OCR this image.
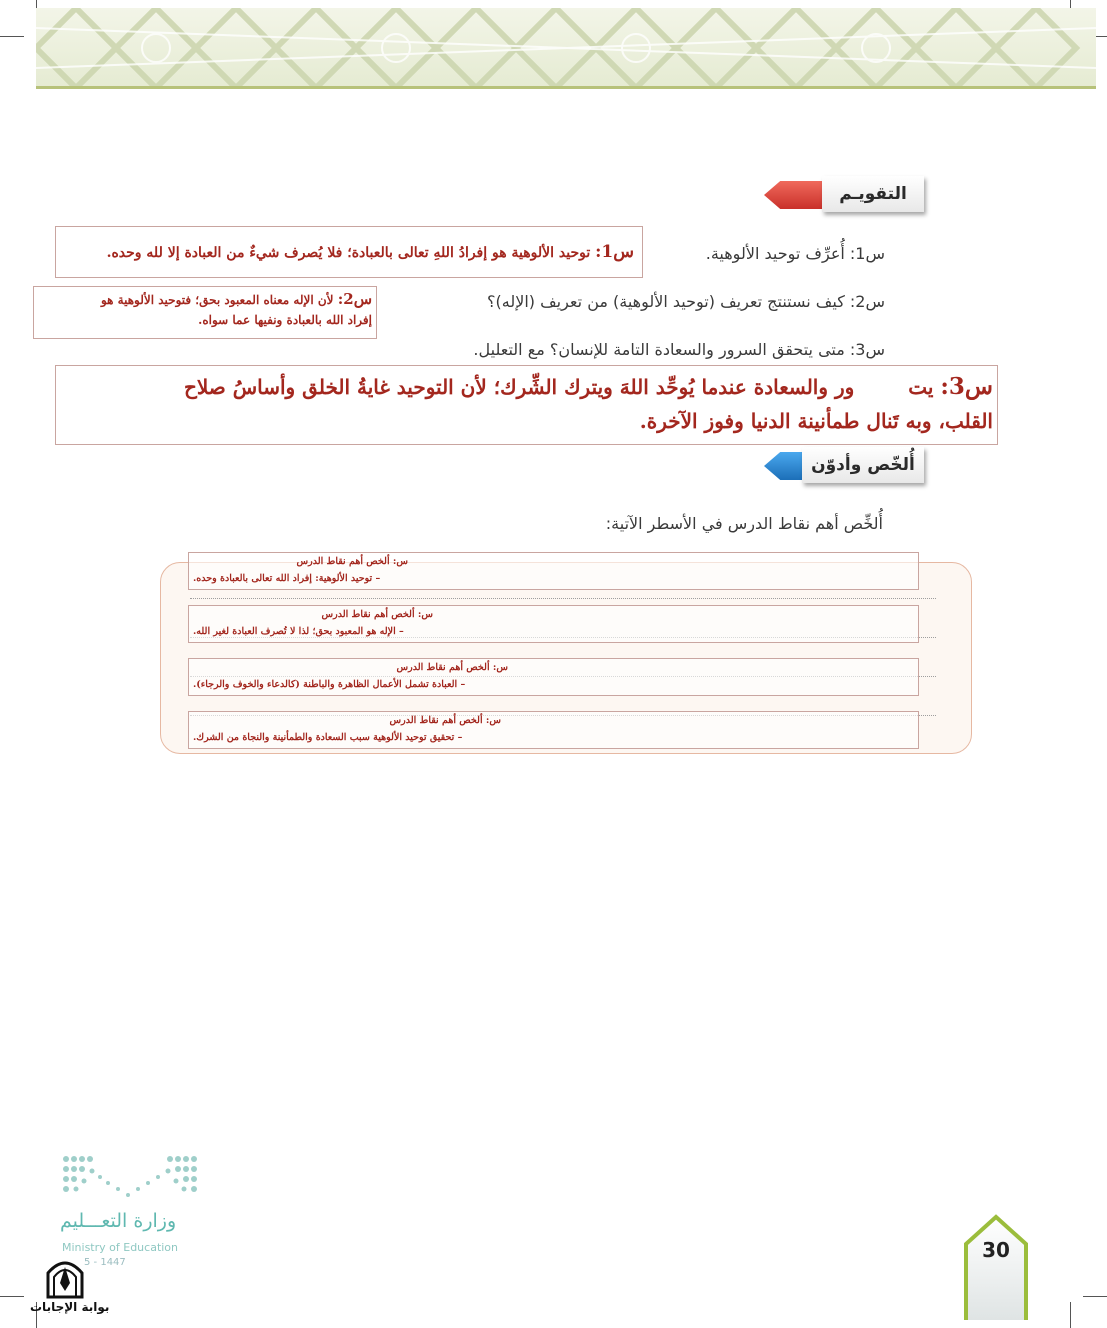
التقويـم
س1: أُعرِّف توحيد الألوهية.
س1: توحيد الألوهية هو إفرادُ اللهِ تعالى بالعبادة؛ فلا يُصرف شيءٌ من العبادة إلا لله وحده.
س2: كيف نستنتج تعريف (توحيد الألوهية) من تعريف (الإله)؟
س2: لأن الإله معناه المعبود بحق؛ فتوحيد الألوهية هو
إفراد الله بالعبادة ونفيها عما سواه.
س3: متى يتحقق السرور والسعادة التامة للإنسان؟ مع التعليل.
س3: يت  ور والسعادة عندما يُوحِّد اللهَ ويترك الشِّرك؛ لأن التوحيد غايةُ الخلق وأساسُ صلاح
القلب، وبه تَنال طمأنينة الدنيا وفوز الآخرة.
أُلخّص وأدوّن
أُلخِّص أهم نقاط الدرس في الأسطر الآتية:
س: ألخص أهم نقاط الدرس
– توحيد الألوهية: إفراد الله تعالى بالعبادة وحده.
س: ألخص أهم نقاط الدرس
– الإله هو المعبود بحق؛ لذا لا تُصرف العبادة لغير الله.
س: ألخص أهم نقاط الدرس
– العبادة تشمل الأعمال الظاهرة والباطنة (كالدعاء والخوف والرجاء).
س: ألخص أهم نقاط الدرس
– تحقيق توحيد الألوهية سبب السعادة والطمأنينة والنجاة من الشرك.
وزارة التعـــليم
Ministry of Education
5 - 1447
بوابة الإجابات
30
